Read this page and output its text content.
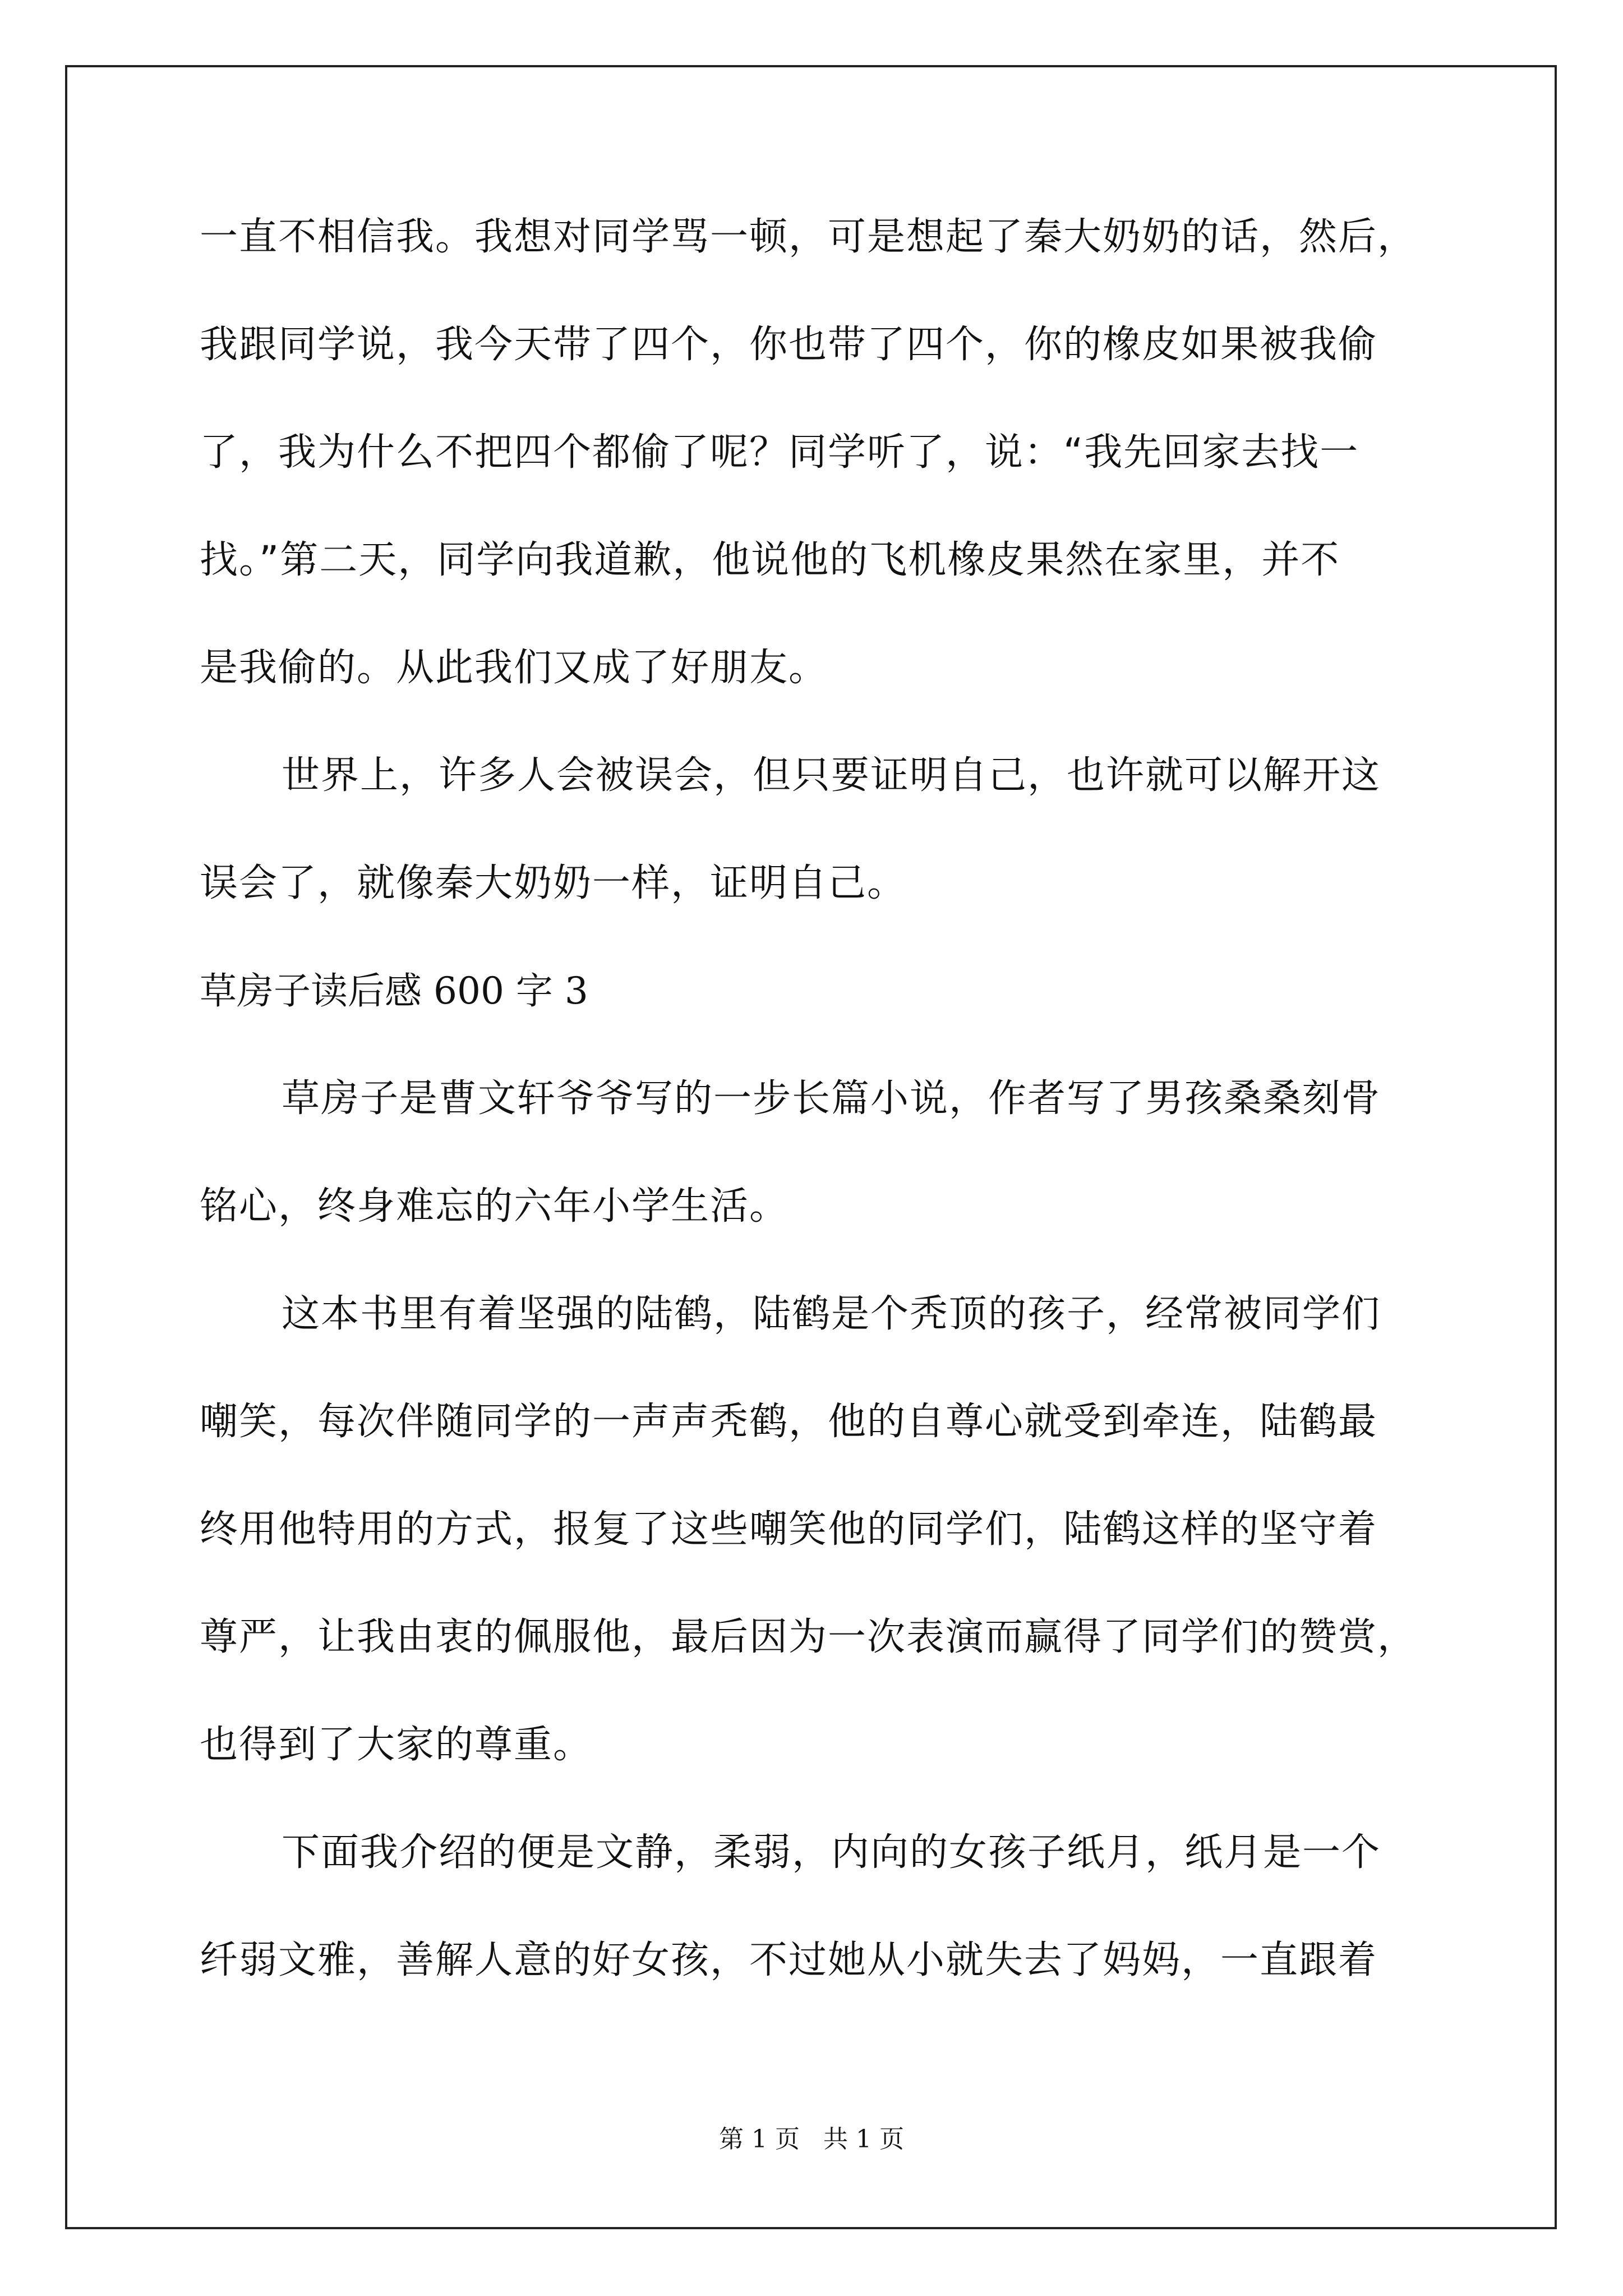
一直不相信我。我想对同学骂一顿，可是想起了秦大奶奶的话，然后，
我跟同学说，我今天带了四个，你也带了四个，你的橡皮如果被我偷
了，我为什么不把四个都偷了呢？同学听了，说：“我先回家去找一
找。”第二天，同学向我道歉，他说他的飞机橡皮果然在家里，并不
是我偷的。从此我们又成了好朋友。
世界上，许多人会被误会，但只要证明自己，也许就可以解开这
误会了，就像秦大奶奶一样，证明自己。
草房子读后感 600 字 3
草房子是曹文轩爷爷写的一步长篇小说，作者写了男孩桑桑刻骨
铭心，终身难忘的六年小学生活。
这本书里有着坚强的陆鹤，陆鹤是个秃顶的孩子，经常被同学们
嘲笑，每次伴随同学的一声声秃鹤，他的自尊心就受到牵连，陆鹤最
终用他特用的方式，报复了这些嘲笑他的同学们，陆鹤这样的坚守着
尊严，让我由衷的佩服他，最后因为一次表演而赢得了同学们的赞赏，
也得到了大家的尊重。
下面我介绍的便是文静，柔弱，内向的女孩子纸月，纸月是一个
纤弱文雅，善解人意的好女孩，不过她从小就失去了妈妈，一直跟着
第 1 页   共 1 页
